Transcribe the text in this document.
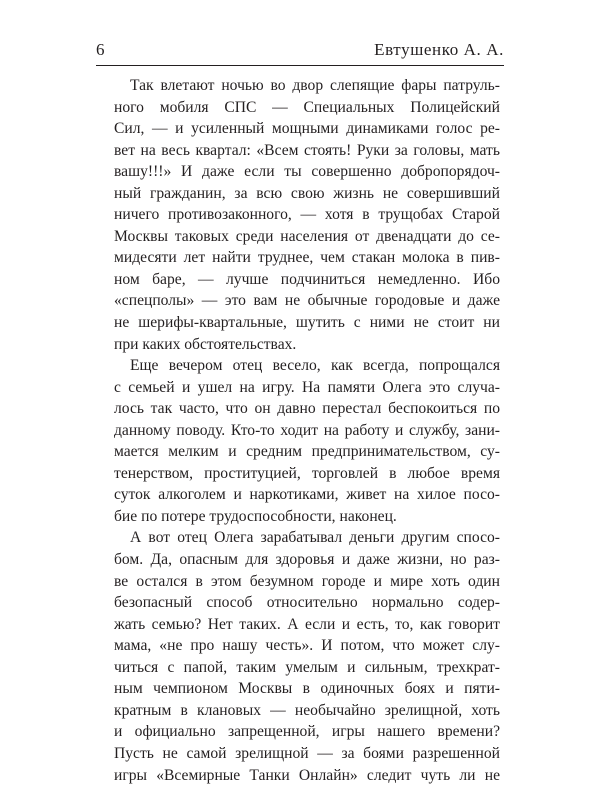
6	Евтушенко А. А.
Так влетают ночью во двор слепящие фары патруль-
ного мобиля СПС — Специальных Полицейский
Сил, — и усиленный мощными динамиками голос ре-
вет на весь квартал: «Всем стоять! Руки за головы, мать
вашу!!!» И даже если ты совершенно добропорядоч-
ный гражданин, за всю свою жизнь не совершивший
ничего противозаконного, — хотя в трущобах Старой
Москвы таковых среди населения от двенадцати до се-
мидесяти лет найти труднее, чем стакан молока в пив-
ном баре, — лучше подчиниться немедленно. Ибо
«спецполы» — это вам не обычные городовые и даже
не шерифы-квартальные, шутить с ними не стоит ни
при каких обстоятельствах.
Еще вечером отец весело, как всегда, попрощался
с семьей и ушел на игру. На памяти Олега это случа-
лось так часто, что он давно перестал беспокоиться по
данному поводу. Кто-то ходит на работу и службу, зани-
мается мелким и средним предпринимательством, су-
тенерством, проституцией, торговлей в любое время
суток алкоголем и наркотиками, живет на хилое посо-
бие по потере трудоспособности, наконец.
А вот отец Олега зарабатывал деньги другим спосо-
бом. Да, опасным для здоровья и даже жизни, но раз-
ве остался в этом безумном городе и мире хоть один
безопасный способ относительно нормально содер-
жать семью? Нет таких. А если и есть, то, как говорит
мама, «не про нашу честь». И потом, что может слу-
читься с папой, таким умелым и сильным, трехкрат-
ным чемпионом Москвы в одиночных боях и пяти-
кратным в клановых — необычайно зрелищной, хоть
и официально запрещенной, игры нашего времени?
Пусть не самой зрелищной — за боями разрешенной
игры «Всемирные Танки Онлайн» следит чуть ли не
